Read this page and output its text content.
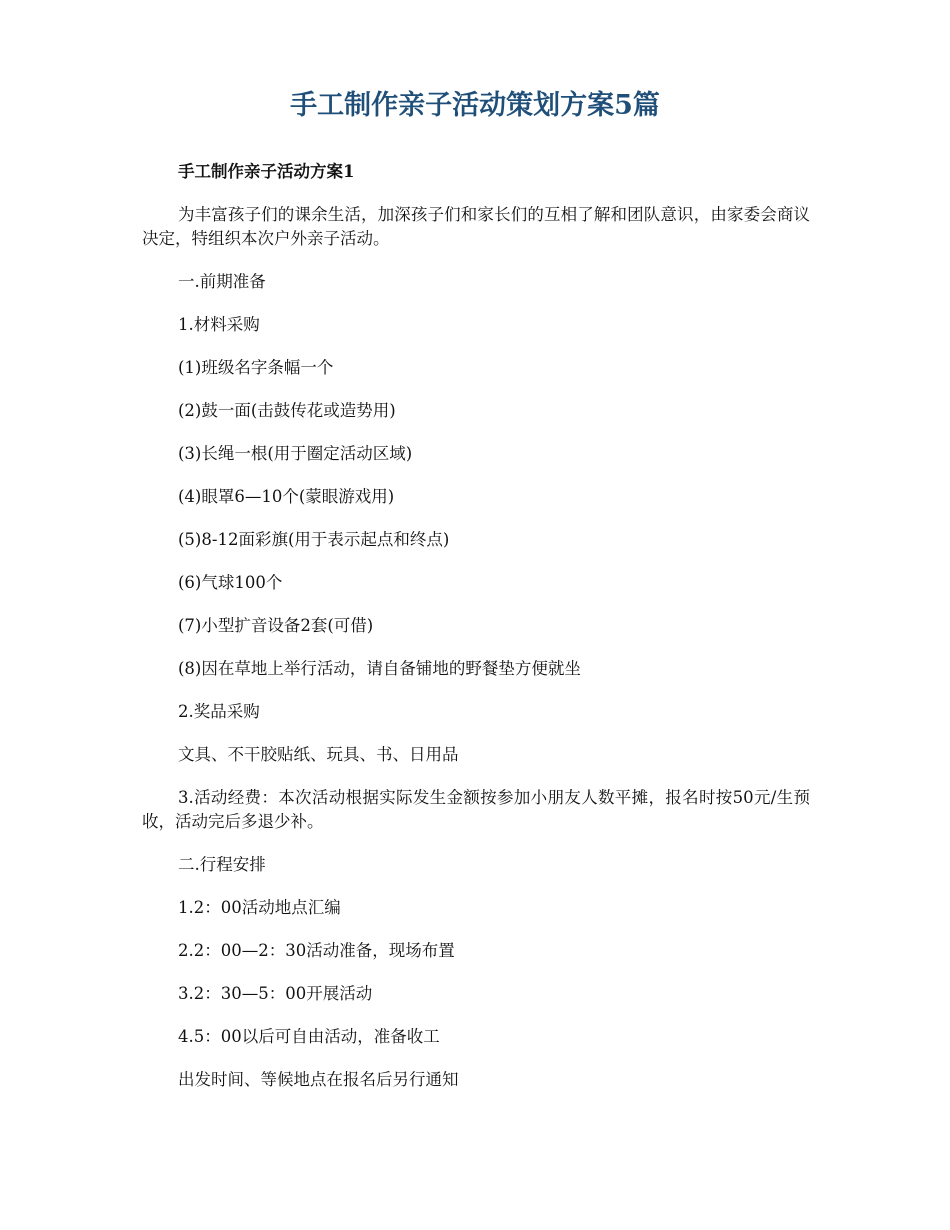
手工制作亲子活动策划方案5篇

手工制作亲子活动方案1

为丰富孩子们的课余生活，加深孩子们和家长们的互相了解和团队意识，由家委会商议决定，特组织本次户外亲子活动。

一.前期准备

1.材料采购

(1)班级名字条幅一个

(2)鼓一面(击鼓传花或造势用)

(3)长绳一根(用于圈定活动区域)

(4)眼罩6—10个(蒙眼游戏用)

(5)8-12面彩旗(用于表示起点和终点)

(6)气球100个

(7)小型扩音设备2套(可借)

(8)因在草地上举行活动，请自备铺地的野餐垫方便就坐

2.奖品采购

文具、不干胶贴纸、玩具、书、日用品

3.活动经费：本次活动根据实际发生金额按参加小朋友人数平摊，报名时按50元/生预收，活动完后多退少补。

二.行程安排

1.2：00活动地点汇编

2.2：00—2：30活动准备，现场布置

3.2：30—5：00开展活动

4.5：00以后可自由活动，准备收工

出发时间、等候地点在报名后另行通知
